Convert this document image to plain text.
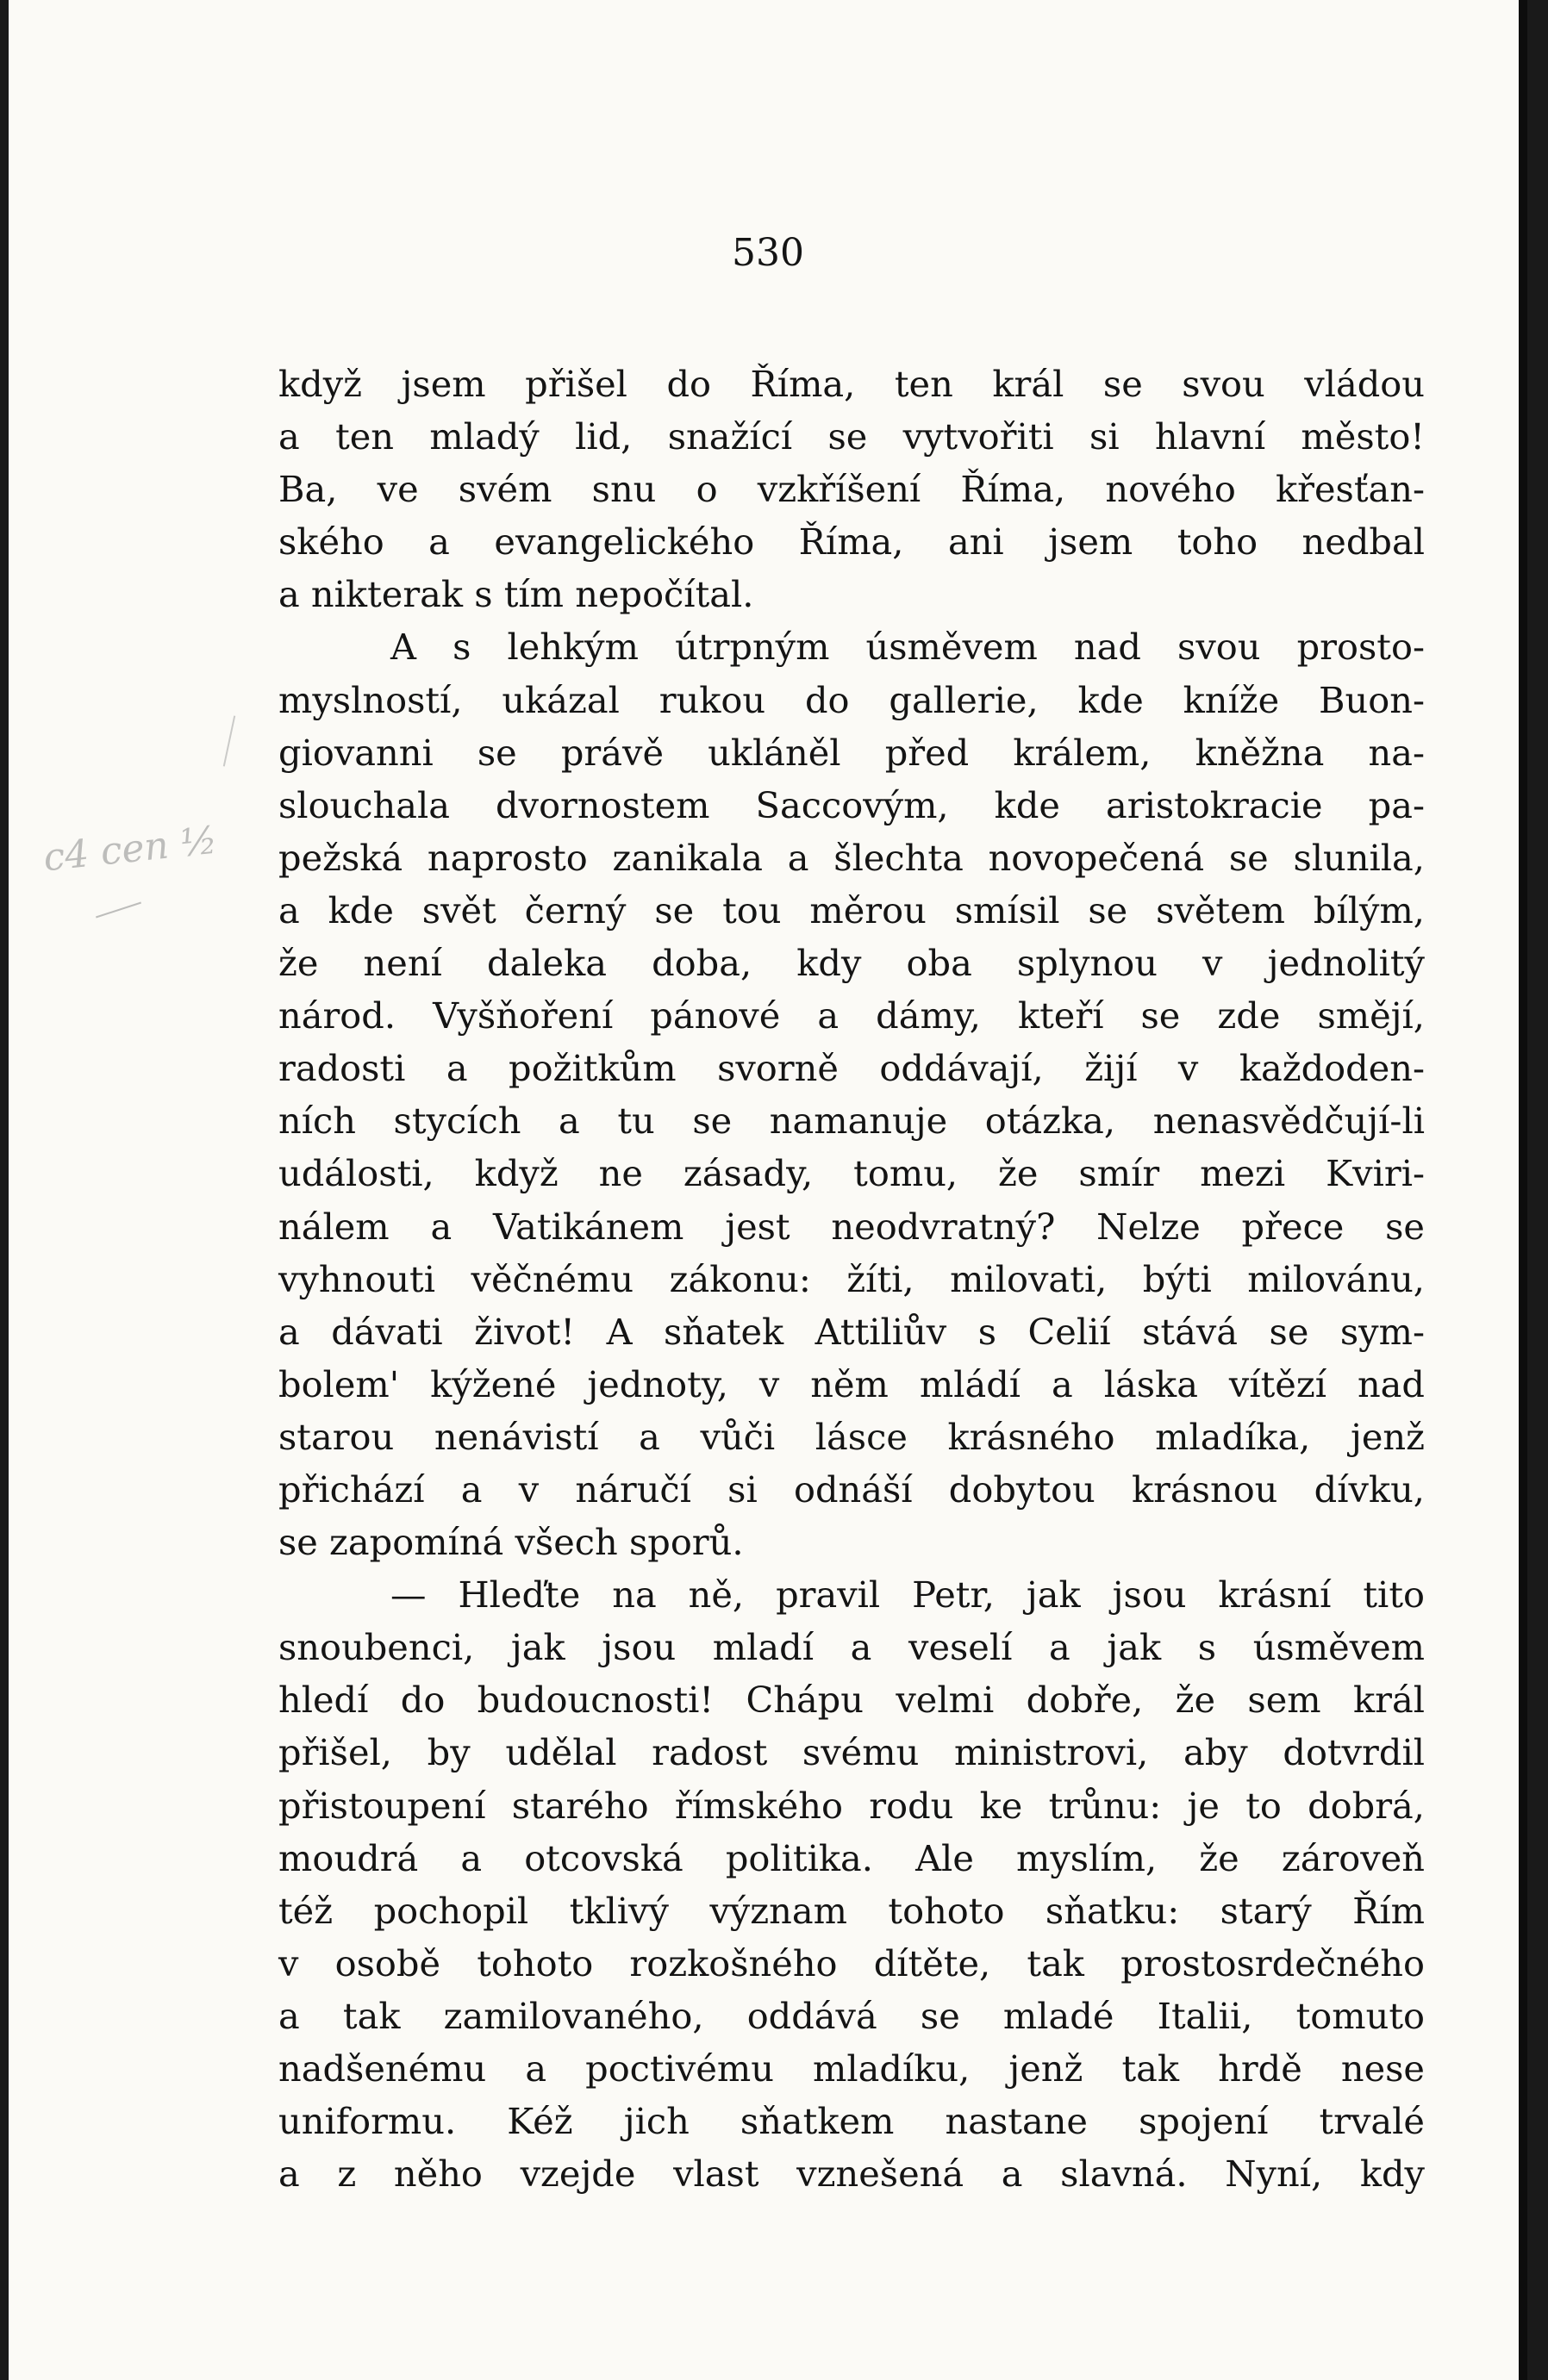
530
c4 cen ½
když jsem přišel do Říma, ten král se svou vládou
a ten mladý lid, snažící se vytvořiti si hlavní město!
Ba, ve svém snu o vzkříšení Říma, nového křesťan-
ského a evangelického Říma, ani jsem toho nedbal
a nikterak s tím nepočítal.
A s lehkým útrpným úsměvem nad svou prosto-
myslností, ukázal rukou do gallerie, kde kníže Buon-
giovanni se právě ukláněl před králem, kněžna na-
slouchala dvornostem Saccovým, kde aristokracie pa-
pežská naprosto zanikala a šlechta novopečená se slunila,
a kde svět černý se tou měrou smísil se světem bílým,
že není daleka doba, kdy oba splynou v jednolitý
národ. Vyšňoření pánové a dámy, kteří se zde smějí,
radosti a požitkům svorně oddávají, žijí v každoden-
ních stycích a tu se namanuje otázka, nenasvědčují-li
události, když ne zásady, tomu, že smír mezi Kviri-
nálem a Vatikánem jest neodvratný? Nelze přece se
vyhnouti věčnému zákonu: žíti, milovati, býti milovánu,
a dávati život! A sňatek Attiliův s Celií stává se sym-
bolem' kýžené jednoty, v něm mládí a láska vítězí nad
starou nenávistí a vůči lásce krásného mladíka, jenž
přichází a v náručí si odnáší dobytou krásnou dívku,
se zapomíná všech sporů.
— Hleďte na ně, pravil Petr, jak jsou krásní tito
snoubenci, jak jsou mladí a veselí a jak s úsměvem
hledí do budoucnosti! Chápu velmi dobře, že sem král
přišel, by udělal radost svému ministrovi, aby dotvrdil
přistoupení starého římského rodu ke trůnu: je to dobrá,
moudrá a otcovská politika. Ale myslím, že zároveň
též pochopil tklivý význam tohoto sňatku: starý Řím
v osobě tohoto rozkošného dítěte, tak prostosrdečného
a tak zamilovaného, oddává se mladé Italii, tomuto
nadšenému a poctivému mladíku, jenž tak hrdě nese
uniformu. Kéž jich sňatkem nastane spojení trvalé
a z něho vzejde vlast vznešená a slavná. Nyní, kdy
